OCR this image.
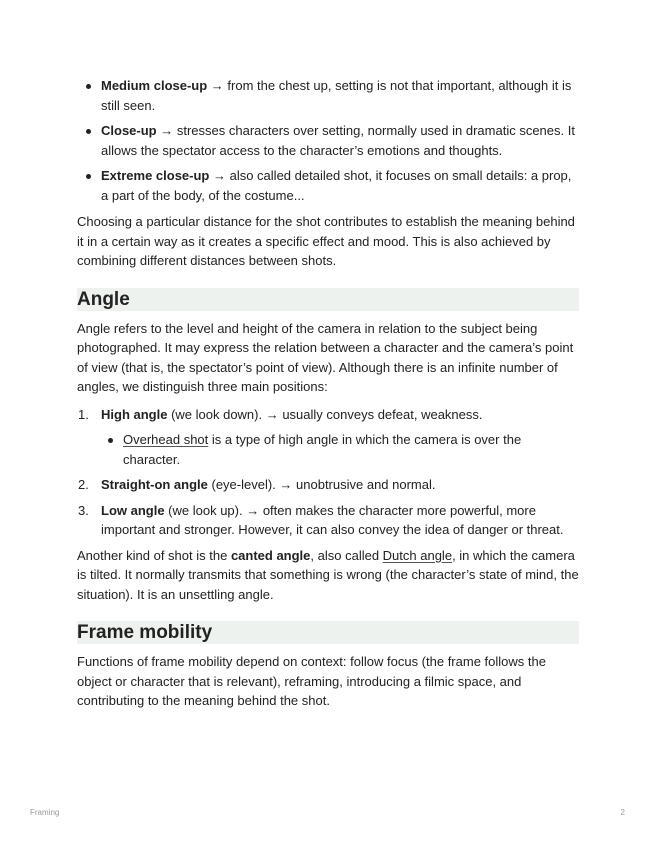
Medium close-up → from the chest up, setting is not that important, although it is still seen.
Close-up → stresses characters over setting, normally used in dramatic scenes. It allows the spectator access to the character’s emotions and thoughts.
Extreme close-up → also called detailed shot, it focuses on small details: a prop, a part of the body, of the costume...

Choosing a particular distance for the shot contributes to establish the meaning behind it in a certain way as it creates a specific effect and mood. This is also achieved by combining different distances between shots.

Angle

Angle refers to the level and height of the camera in relation to the subject being photographed. It may express the relation between a character and the camera’s point of view (that is, the spectator’s point of view). Although there is an infinite number of angles, we distinguish three main positions:

1. High angle (we look down). → usually conveys defeat, weakness.
Overhead shot is a type of high angle in which the camera is over the character.
2. Straight-on angle (eye-level). → unobtrusive and normal.
3. Low angle (we look up). → often makes the character more powerful, more important and stronger. However, it can also convey the idea of danger or threat.

Another kind of shot is the canted angle, also called Dutch angle, in which the camera is tilted. It normally transmits that something is wrong (the character’s state of mind, the situation). It is an unsettling angle.

Frame mobility

Functions of frame mobility depend on context: follow focus (the frame follows the object or character that is relevant), reframing, introducing a filmic space, and contributing to the meaning behind the shot.

Framing	2
